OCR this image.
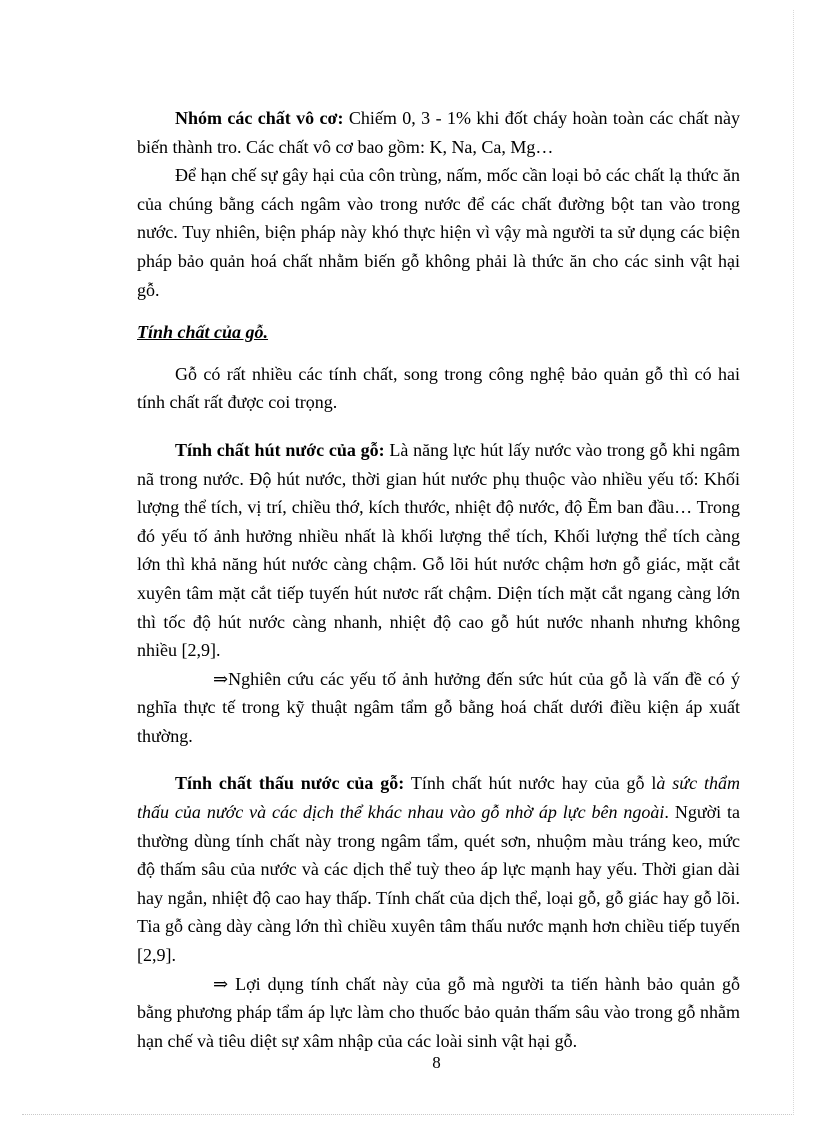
Nhóm các chất vô cơ: Chiếm 0, 3 - 1% khi đốt cháy hoàn toàn các chất này biến thành tro. Các chất vô cơ bao gồm: K, Na, Ca, Mg…

Để hạn chế sự gây hại của côn trùng, nấm, mốc cần loại bỏ các chất lạ thức ăn của chúng bằng cách ngâm vào trong nước để các chất đường bột tan vào trong nước. Tuy nhiên, biện pháp này khó thực hiện vì vậy mà người ta sử dụng các biện pháp bảo quản hoá chất nhằm biến gỗ không phải là thức ăn cho các sinh vật hại gỗ.

Tính chất của gỗ.

Gỗ có rất nhiều các tính chất, song trong công nghệ bảo quản gỗ thì có hai tính chất rất được coi trọng.

Tính chất hút nước của gỗ: Là năng lực hút lấy nước vào trong gỗ khi ngâm nã trong nước. Độ hút nước, thời gian hút nước phụ thuộc vào nhiều yếu tố: Khối lượng thể tích, vị trí, chiều thớ, kích thước, nhiệt độ nước, độ Ẽm ban đầu… Trong đó yếu tố ảnh hưởng nhiều nhất là khối lượng thể tích, Khối lượng thể tích càng lớn thì khả năng hút nước càng chậm. Gỗ lõi hút nước chậm hơn gỗ giác, mặt cắt xuyên tâm mặt cắt tiếp tuyến hút nươc rất chậm. Diện tích mặt cắt ngang càng lớn thì tốc độ hút nước càng nhanh, nhiệt độ cao gỗ hút nước nhanh nhưng không nhiều [2,9].

⇒Nghiên cứu các yếu tố ảnh hưởng đến sức hút của gỗ là vấn đề có ý nghĩa thực tế trong kỹ thuật ngâm tẩm gỗ bằng hoá chất dưới điều kiện áp xuất thường.

Tính chất thấu nước của gỗ: Tính chất hút nước hay của gỗ là sức thẩm thấu của nước và các dịch thể khác nhau vào gỗ nhờ áp lực bên ngoài. Người ta thường dùng tính chất này trong ngâm tẩm, quét sơn, nhuộm màu tráng keo, mức độ thấm sâu của nước và các dịch thể tuỳ theo áp lực mạnh hay yếu. Thời gian dài hay ngắn, nhiệt độ cao hay thấp. Tính chất của dịch thể, loại gỗ, gỗ giác hay gỗ lõi. Tia gỗ càng dày càng lớn thì chiều xuyên tâm thấu nước mạnh hơn chiều tiếp tuyến [2,9].

⇒ Lợi dụng tính chất này của gỗ mà người ta tiến hành bảo quản gỗ bằng phương pháp tẩm áp lực làm cho thuốc bảo quản thấm sâu vào trong gỗ nhằm hạn chế và tiêu diệt sự xâm nhập của các loài sinh vật hại gỗ.

8
